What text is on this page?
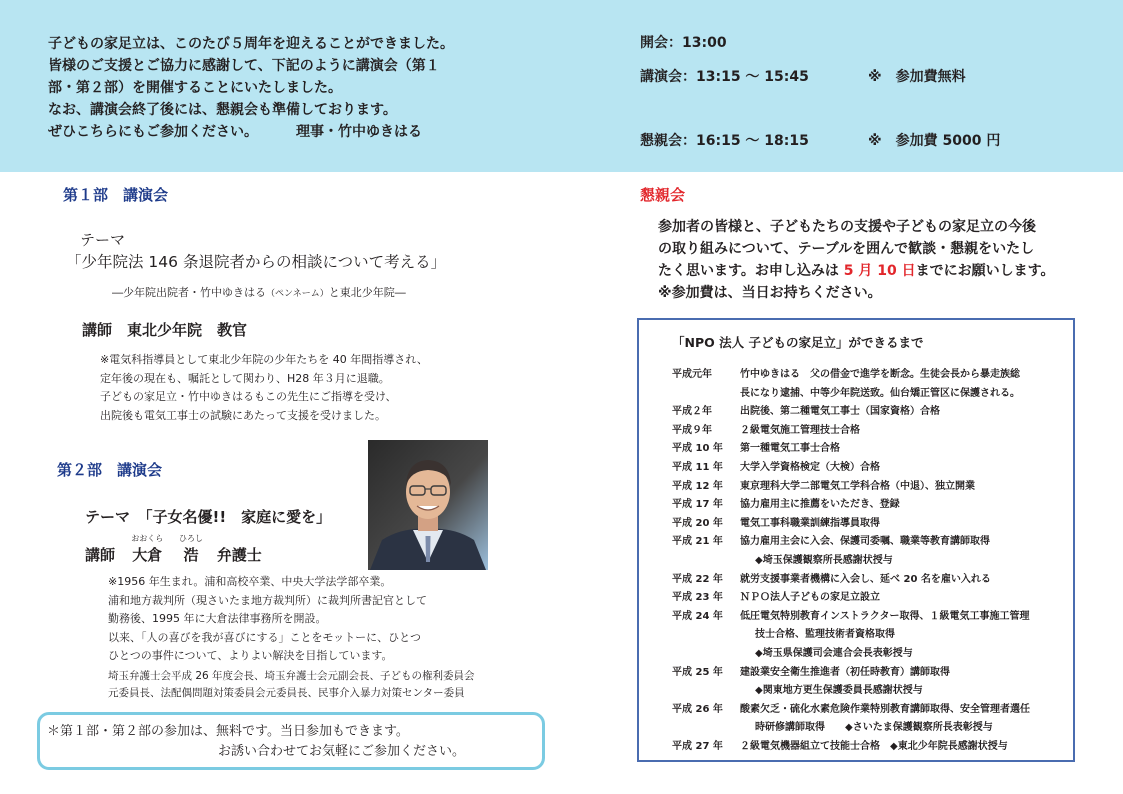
子どもの家足立は、このたび５周年を迎えることができました。
皆様のご支援とご協力に感謝して、下記のように講演会（第１
部・第２部）を開催することにいたしました。
なお、講演会終了後には、懇親会も準備しております。
ぜひこちらにもご参加ください。	理事・竹中ゆきはる
開会：13:00
講演会：13:15 〜 15:45	※　参加費無料
懇親会：16:15 〜 18:15	※　参加費 5000 円
第１部　講演会
テーマ
「少年院法 146 条退院者からの相談について考える」
―少年院出院者・竹中ゆきはる（ペンネーム）と東北少年院―
講師　東北少年院　教官
※電気科指導員として東北少年院の少年たちを 40 年間指導され、
定年後の現在も、嘱託として関わり、H28 年３月に退職。
子どもの家足立・竹中ゆきはるもこの先生にご指導を受け、
出院後も電気工事士の試験にあたって支援を受けました。
第２部　講演会
テーマ　「子女名優!!　家庭に愛を」
講師 大倉
おおくら
浩
ひろし
弁護士
※1956 年生まれ。浦和高校卒業、中央大学法学部卒業。
浦和地方裁判所（現さいたま地方裁判所）に裁判所書記官として
勤務後、1995 年に大倉法律事務所を開設。
以来、「人の喜びを我が喜びにする」ことをモットーに、ひとつ
ひとつの事件について、よりよい解決を目指しています。
埼玉弁護士会平成 26 年度会長、埼玉弁護士会元副会長、子どもの権利委員会
元委員長、法配偶問題対策委員会元委員長、民事介入暴力対策センター委員
＊第１部・第２部の参加は、無料です。当日参加もできます。
お誘い合わせてお気軽にご参加ください。
懇親会
参加者の皆様と、子どもたちの支援や子どもの家足立の今後
の取り組みについて、テーブルを囲んで歓談・懇親をいたし
たく思います。お申し込みは 5 月 10 日までにお願いします。
※参加費は、当日お持ちください。
「NPO 法人 子どもの家足立」ができるまで
平成元年	竹中ゆきはる　父の借金で進学を断念。生徒会長から暴走族総
長になり逮捕、中等少年院送致。仙台矯正管区に保護される。
平成２年	出院後、第二種電気工事士（国家資格）合格
平成９年	２級電気施工管理技士合格
平成 10 年	第一種電気工事士合格
平成 11 年	大学入学資格検定（大検）合格
平成 12 年	東京理科大学二部電気工学科合格（中退）、独立開業
平成 17 年	協力雇用主に推薦をいただき、登録
平成 20 年	電気工事科職業訓練指導員取得
平成 21 年	協力雇用主会に入会、保護司委嘱、職業等教育講師取得
◆埼玉保護観察所長感謝状授与
平成 22 年	就労支援事業者機構に入会し、延べ 20 名を雇い入れる
平成 23 年	ＮＰＯ法人子どもの家足立設立
平成 24 年	低圧電気特別教育インストラクター取得、１級電気工事施工管理
技士合格、監理技術者資格取得
◆埼玉県保護司会連合会長表彰授与
平成 25 年	建設業安全衛生推進者（初任時教育）講師取得
◆関東地方更生保護委員長感謝状授与
平成 26 年	酸素欠乏・硫化水素危険作業特別教育講師取得、安全管理者選任
時研修講師取得　　◆さいたま保護観察所長表彰授与
平成 27 年	２級電気機器組立て技能士合格　◆東北少年院長感謝状授与
